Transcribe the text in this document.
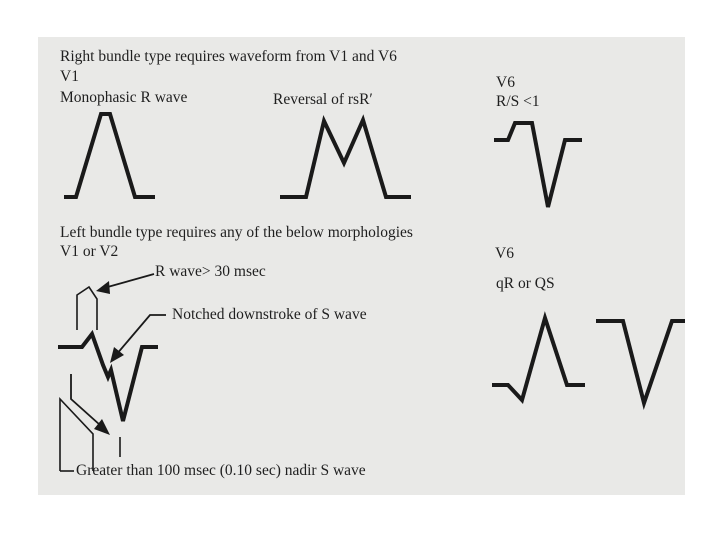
Right bundle type requires waveform from V1 and V6
V1
Monophasic R wave	Reversal of rsR′
V6
R/S <1
Left bundle type requires any of the below morphologies
V1 or V2
R wave> 30 msec
Notched downstroke of S wave
Greater than 100 msec (0.10 sec) nadir S wave
V6
qR or QS
